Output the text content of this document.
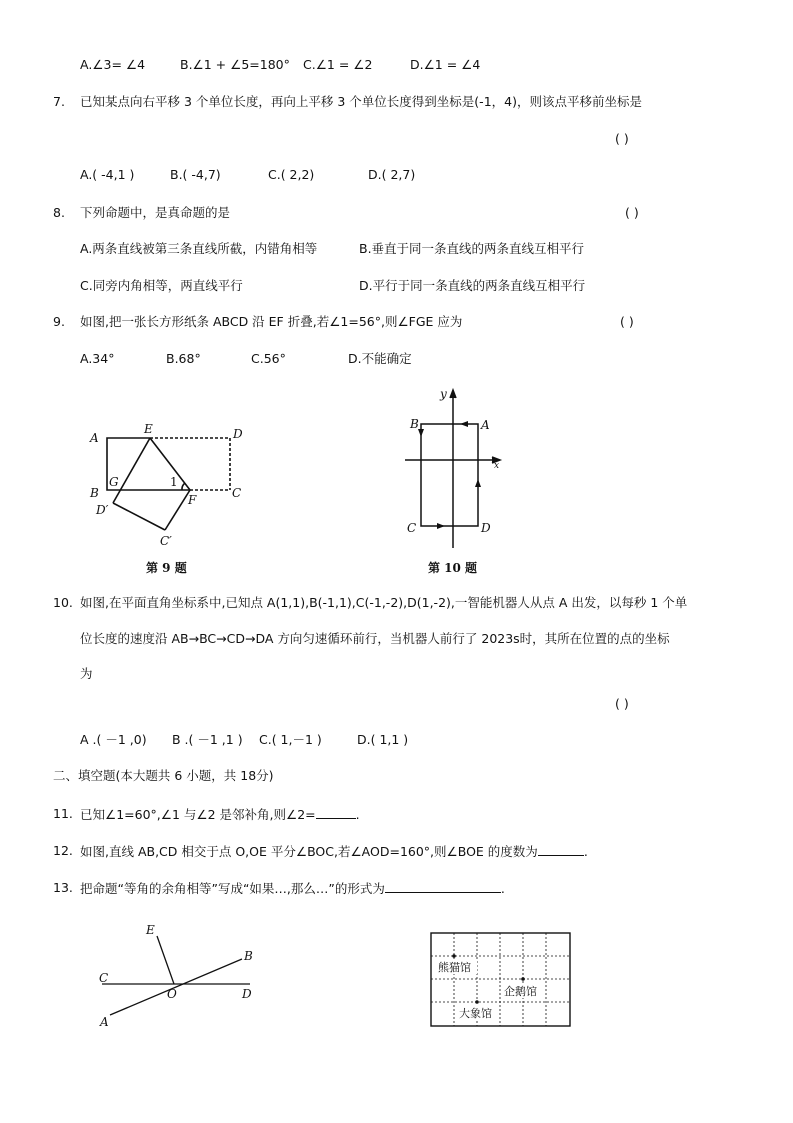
A.∠3= ∠4	B.∠1 + ∠5=180° C.∠1 = ∠2	D.∠1 = ∠4
7. 已知某点向右平移 3 个单位长度，再向上平移 3 个单位长度得到坐标是(-1，4)，则该点平移前坐标是
( )
A.( -4,1 )	B.( -4,7)	C.( 2,2)	D.( 2,7)
8. 下列命题中，是真命题的是	( )
A.两条直线被第三条直线所截，内错角相等	B.垂直于同一条直线的两条直线互相平行
C.同旁内角相等，两直线平行	D.平行于同一条直线的两条直线互相平行
9. 如图,把一张长方形纸条 ABCD 沿 EF 折叠,若∠1=56°,则∠FGE 应为	( )
A.34°	B.68°	C.56°	D.不能确定
A
E	D
G
B
1
F	C
D′
C′
第 9 题
y
x
A
B
C	D
第 10 题
10. 如图,在平面直角坐标系中,已知点 A(1,1),B(-1,1),C(-1,-2),D(1,-2),一智能机器人从点 A 出发，以每秒 1 个单
位长度的速度沿 AB→BC→CD→DA 方向匀速循环前行，当机器人前行了 2023s时，其所在位置的点的坐标
为
( )
A .( －1 ,0) B .( －1 ,1 ) C.( 1,－1 )	D.( 1,1 )
二、填空题(本大题共 6 小题，共 18分)
11. 已知∠1=60°,∠1 与∠2 是邻补角,则∠2=	.
12. 如图,直线 AB,CD 相交于点 O,OE 平分∠BOC,若∠AOD=160°,则∠BOE 的度数为	.
13. 把命题“等角的余角相等”写成“如果…,那么…”的形式为	.
E
B
C
O	D
A
熊猫馆
企鹅馆
大象馆
